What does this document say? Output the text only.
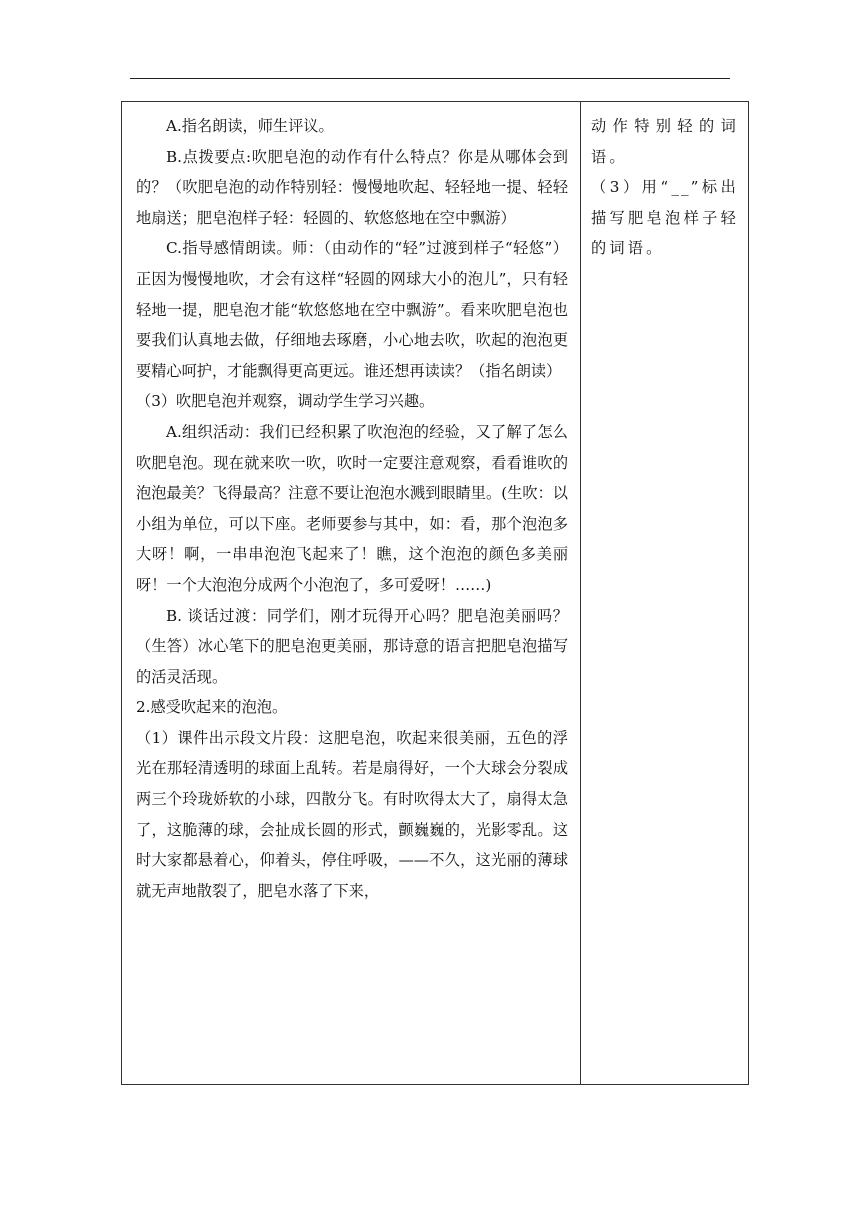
A.指名朗读，师生评议。

B.点拨要点:吹肥皂泡的动作有什么特点？你是从哪体会到的？（吹肥皂泡的动作特别轻：慢慢地吹起、轻轻地一提、轻轻地扇送；肥皂泡样子轻：轻圆的、软悠悠地在空中飘游）

C.指导感情朗读。师：（由动作的“轻”过渡到样子“轻悠”）正因为慢慢地吹，才会有这样“轻圆的网球大小的泡儿”，只有轻轻地一提，肥皂泡才能“软悠悠地在空中飘游”。看来吹肥皂泡也要我们认真地去做，仔细地去琢磨，小心地去吹，吹起的泡泡更要精心呵护，才能飘得更高更远。谁还想再读读？（指名朗读）

（3）吹肥皂泡并观察，调动学生学习兴趣。

A.组织活动：我们已经积累了吹泡泡的经验，又了解了怎么吹肥皂泡。现在就来吹一吹，吹时一定要注意观察，看看谁吹的泡泡最美？飞得最高？注意不要让泡泡水溅到眼睛里。(生吹：以小组为单位，可以下座。老师要参与其中，如：看，那个泡泡多大呀！啊，一串串泡泡飞起来了！瞧，这个泡泡的颜色多美丽呀！一个大泡泡分成两个小泡泡了，多可爱呀！……)

B. 谈话过渡：同学们，刚才玩得开心吗？肥皂泡美丽吗？（生答）冰心笔下的肥皂泡更美丽，那诗意的语言把肥皂泡描写的活灵活现。

2.感受吹起来的泡泡。

（1）课件出示段文片段：这肥皂泡，吹起来很美丽，五色的浮光在那轻清透明的球面上乱转。若是扇得好，一个大球会分裂成两三个玲珑娇软的小球，四散分飞。有时吹得太大了，扇得太急了，这脆薄的球，会扯成长圆的形式，颤巍巍的，光影零乱。这时大家都悬着心，仰着头，停住呼吸，——不久，这光丽的薄球就无声地散裂了，肥皂水落了下来，

动作特别轻的词语。

（3）用“__”标出描写肥皂泡样子轻的词语。
